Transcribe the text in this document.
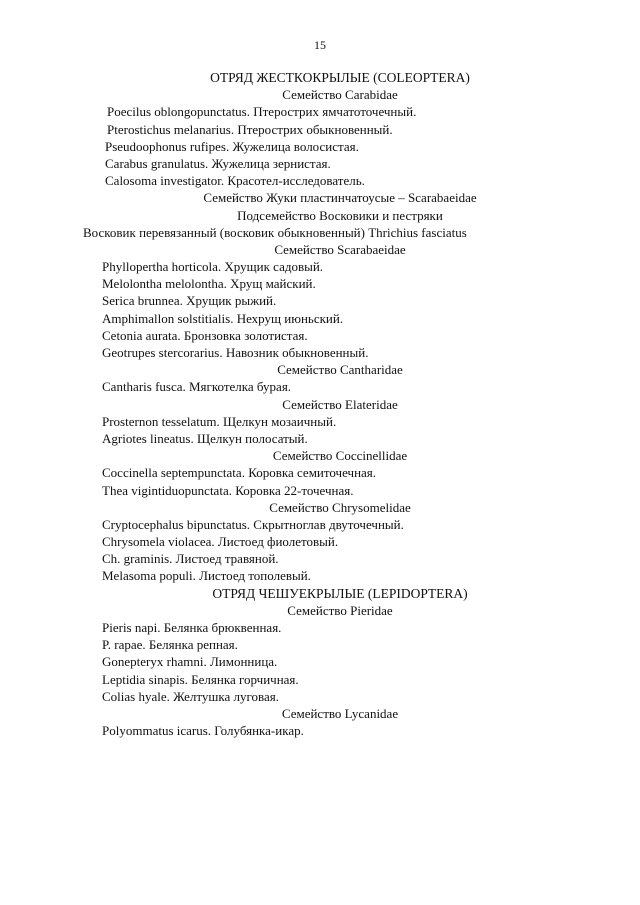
15
ОТРЯД ЖЕСТКОКРЫЛЫЕ (COLEOPTERA)
Семейство Carabidae
Poecilus oblongopunctatus. Птерострих ямчатоточечный.
Pterostichus melanarius. Птерострих обыкновенный.
Pseudoophonus rufipes. Жужелица волосистая.
Carabus granulatus. Жужелица зернистая.
Calosoma investigator. Красотел-исследователь.
Семейство Жуки пластинчатоусые – Scarabaeidae
Подсемейство Восковики и пестряки
Восковик перевязанный (восковик обыкновенный) Thrichius fasciatus
Семейство Scarabaeidae
Phyllopertha horticola. Хрущик садовый.
Melolontha melolontha. Хрущ майский.
Serica brunnea. Хрущик рыжий.
Amphimallon solstitialis. Нехрущ июньский.
Cetonia aurata. Бронзовка золотистая.
Geotrupes stercorarius. Навозник обыкновенный.
Семейство Cantharidae
Cantharis fusca. Мягкотелка бурая.
Семейство Elateridae
Prosternon tesselatum. Щелкун мозаичный.
Agriotes lineatus. Щелкун полосатый.
Семейство Coccinellidae
Coccinella septempunctata. Коровка семиточечная.
Thea vigintiduopunctata. Коровка 22-точечная.
Семейство Chrysomelidae
Cryptocephalus bipunctatus. Скрытноглав двуточечный.
Chrysomela violacea. Листоед фиолетовый.
Ch. graminis. Листоед травяной.
Melasoma populi. Листоед тополевый.
ОТРЯД ЧЕШУЕКРЫЛЫЕ (LEPIDOPTERA)
Семейство Pieridae
Pieris napi. Белянка брюквенная.
P. rapae. Белянка репная.
Gonepteryx rhamni. Лимонница.
Leptidia sinapis. Белянка горчичная.
Colias hyale. Желтушка луговая.
Семейство Lycanidae
Polyommatus icarus. Голубянка-икар.
